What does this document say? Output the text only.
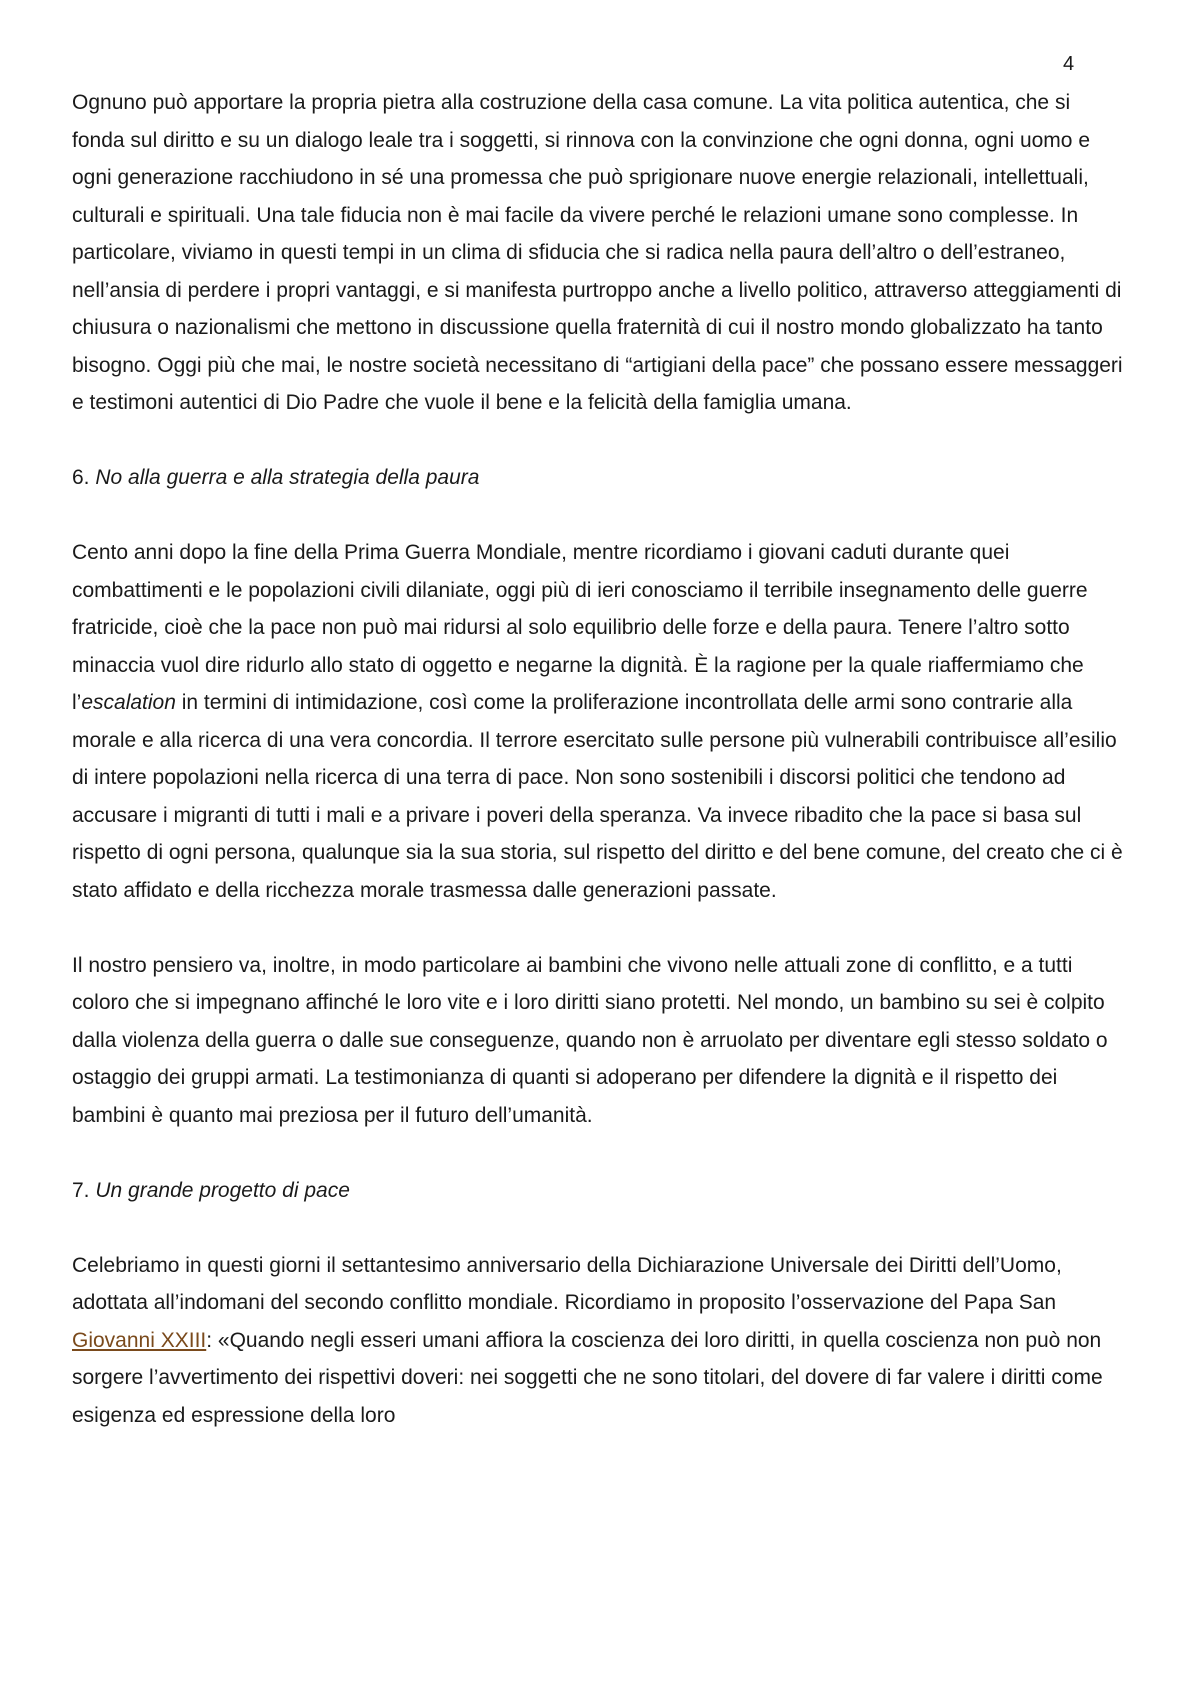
4

Ognuno può apportare la propria pietra alla costruzione della casa comune. La vita politica autentica, che si fonda sul diritto e su un dialogo leale tra i soggetti, si rinnova con la convinzione che ogni donna, ogni uomo e ogni generazione racchiudono in sé una promessa che può sprigionare nuove energie relazionali, intellettuali, culturali e spirituali. Una tale fiducia non è mai facile da vivere perché le relazioni umane sono complesse. In particolare, viviamo in questi tempi in un clima di sfiducia che si radica nella paura dell’altro o dell’estraneo, nell’ansia di perdere i propri vantaggi, e si manifesta purtroppo anche a livello politico, attraverso atteggiamenti di chiusura o nazionalismi che mettono in discussione quella fraternità di cui il nostro mondo globalizzato ha tanto bisogno. Oggi più che mai, le nostre società necessitano di “artigiani della pace” che possano essere messaggeri e testimoni autentici di Dio Padre che vuole il bene e la felicità della famiglia umana.

6. No alla guerra e alla strategia della paura

Cento anni dopo la fine della Prima Guerra Mondiale, mentre ricordiamo i giovani caduti durante quei combattimenti e le popolazioni civili dilaniate, oggi più di ieri conosciamo il terribile insegnamento delle guerre fratricide, cioè che la pace non può mai ridursi al solo equilibrio delle forze e della paura. Tenere l’altro sotto minaccia vuol dire ridurlo allo stato di oggetto e negarne la dignità. È la ragione per la quale riaffermiamo che l’escalation in termini di intimidazione, così come la proliferazione incontrollata delle armi sono contrarie alla morale e alla ricerca di una vera concordia. Il terrore esercitato sulle persone più vulnerabili contribuisce all’esilio di intere popolazioni nella ricerca di una terra di pace. Non sono sostenibili i discorsi politici che tendono ad accusare i migranti di tutti i mali e a privare i poveri della speranza. Va invece ribadito che la pace si basa sul rispetto di ogni persona, qualunque sia la sua storia, sul rispetto del diritto e del bene comune, del creato che ci è stato affidato e della ricchezza morale trasmessa dalle generazioni passate.

Il nostro pensiero va, inoltre, in modo particolare ai bambini che vivono nelle attuali zone di conflitto, e a tutti coloro che si impegnano affinché le loro vite e i loro diritti siano protetti. Nel mondo, un bambino su sei è colpito dalla violenza della guerra o dalle sue conseguenze, quando non è arruolato per diventare egli stesso soldato o ostaggio dei gruppi armati. La testimonianza di quanti si adoperano per difendere la dignità e il rispetto dei bambini è quanto mai preziosa per il futuro dell’umanità.

7. Un grande progetto di pace

Celebriamo in questi giorni il settantesimo anniversario della Dichiarazione Universale dei Diritti dell’Uomo, adottata all’indomani del secondo conflitto mondiale. Ricordiamo in proposito l’osservazione del Papa San Giovanni XXIII: «Quando negli esseri umani affiora la coscienza dei loro diritti, in quella coscienza non può non sorgere l’avvertimento dei rispettivi doveri: nei soggetti che ne sono titolari, del dovere di far valere i diritti come esigenza ed espressione della loro
